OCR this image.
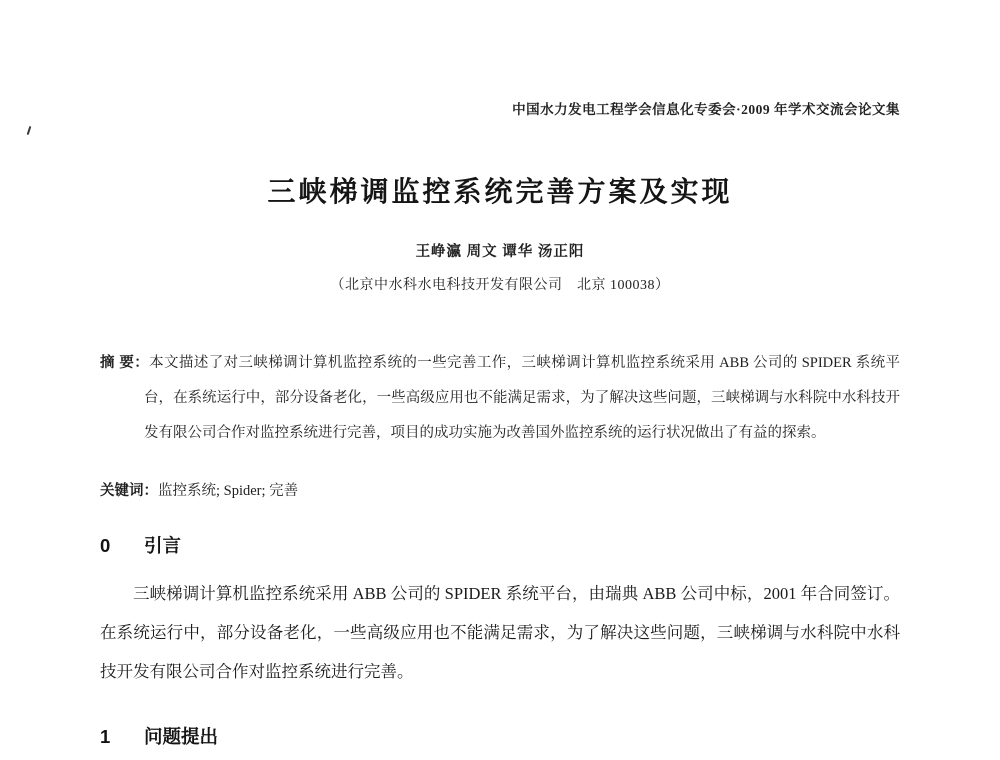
中国水力发电工程学会信息化专委会·2009 年学术交流会论文集
三峡梯调监控系统完善方案及实现
王峥瀛 周文 谭华 汤正阳
（北京中水科水电科技开发有限公司　北京 100038）

摘 要：本文描述了对三峡梯调计算机监控系统的一些完善工作，三峡梯调计算机监控系统采用 ABB 公司的 SPIDER 系统平台，在系统运行中，部分设备老化，一些高级应用也不能满足需求，为了解决这些问题，三峡梯调与水科院中水科技开发有限公司合作对监控系统进行完善，项目的成功实施为改善国外监控系统的运行状况做出了有益的探索。

关键词：监控系统; Spider; 完善

0	引言

三峡梯调计算机监控系统采用 ABB 公司的 SPIDER 系统平台，由瑞典 ABB 公司中标，2001 年合同签订。在系统运行中，部分设备老化，一些高级应用也不能满足需求，为了解决这些问题，三峡梯调与水科院中水科技开发有限公司合作对监控系统进行完善。

1	问题提出
